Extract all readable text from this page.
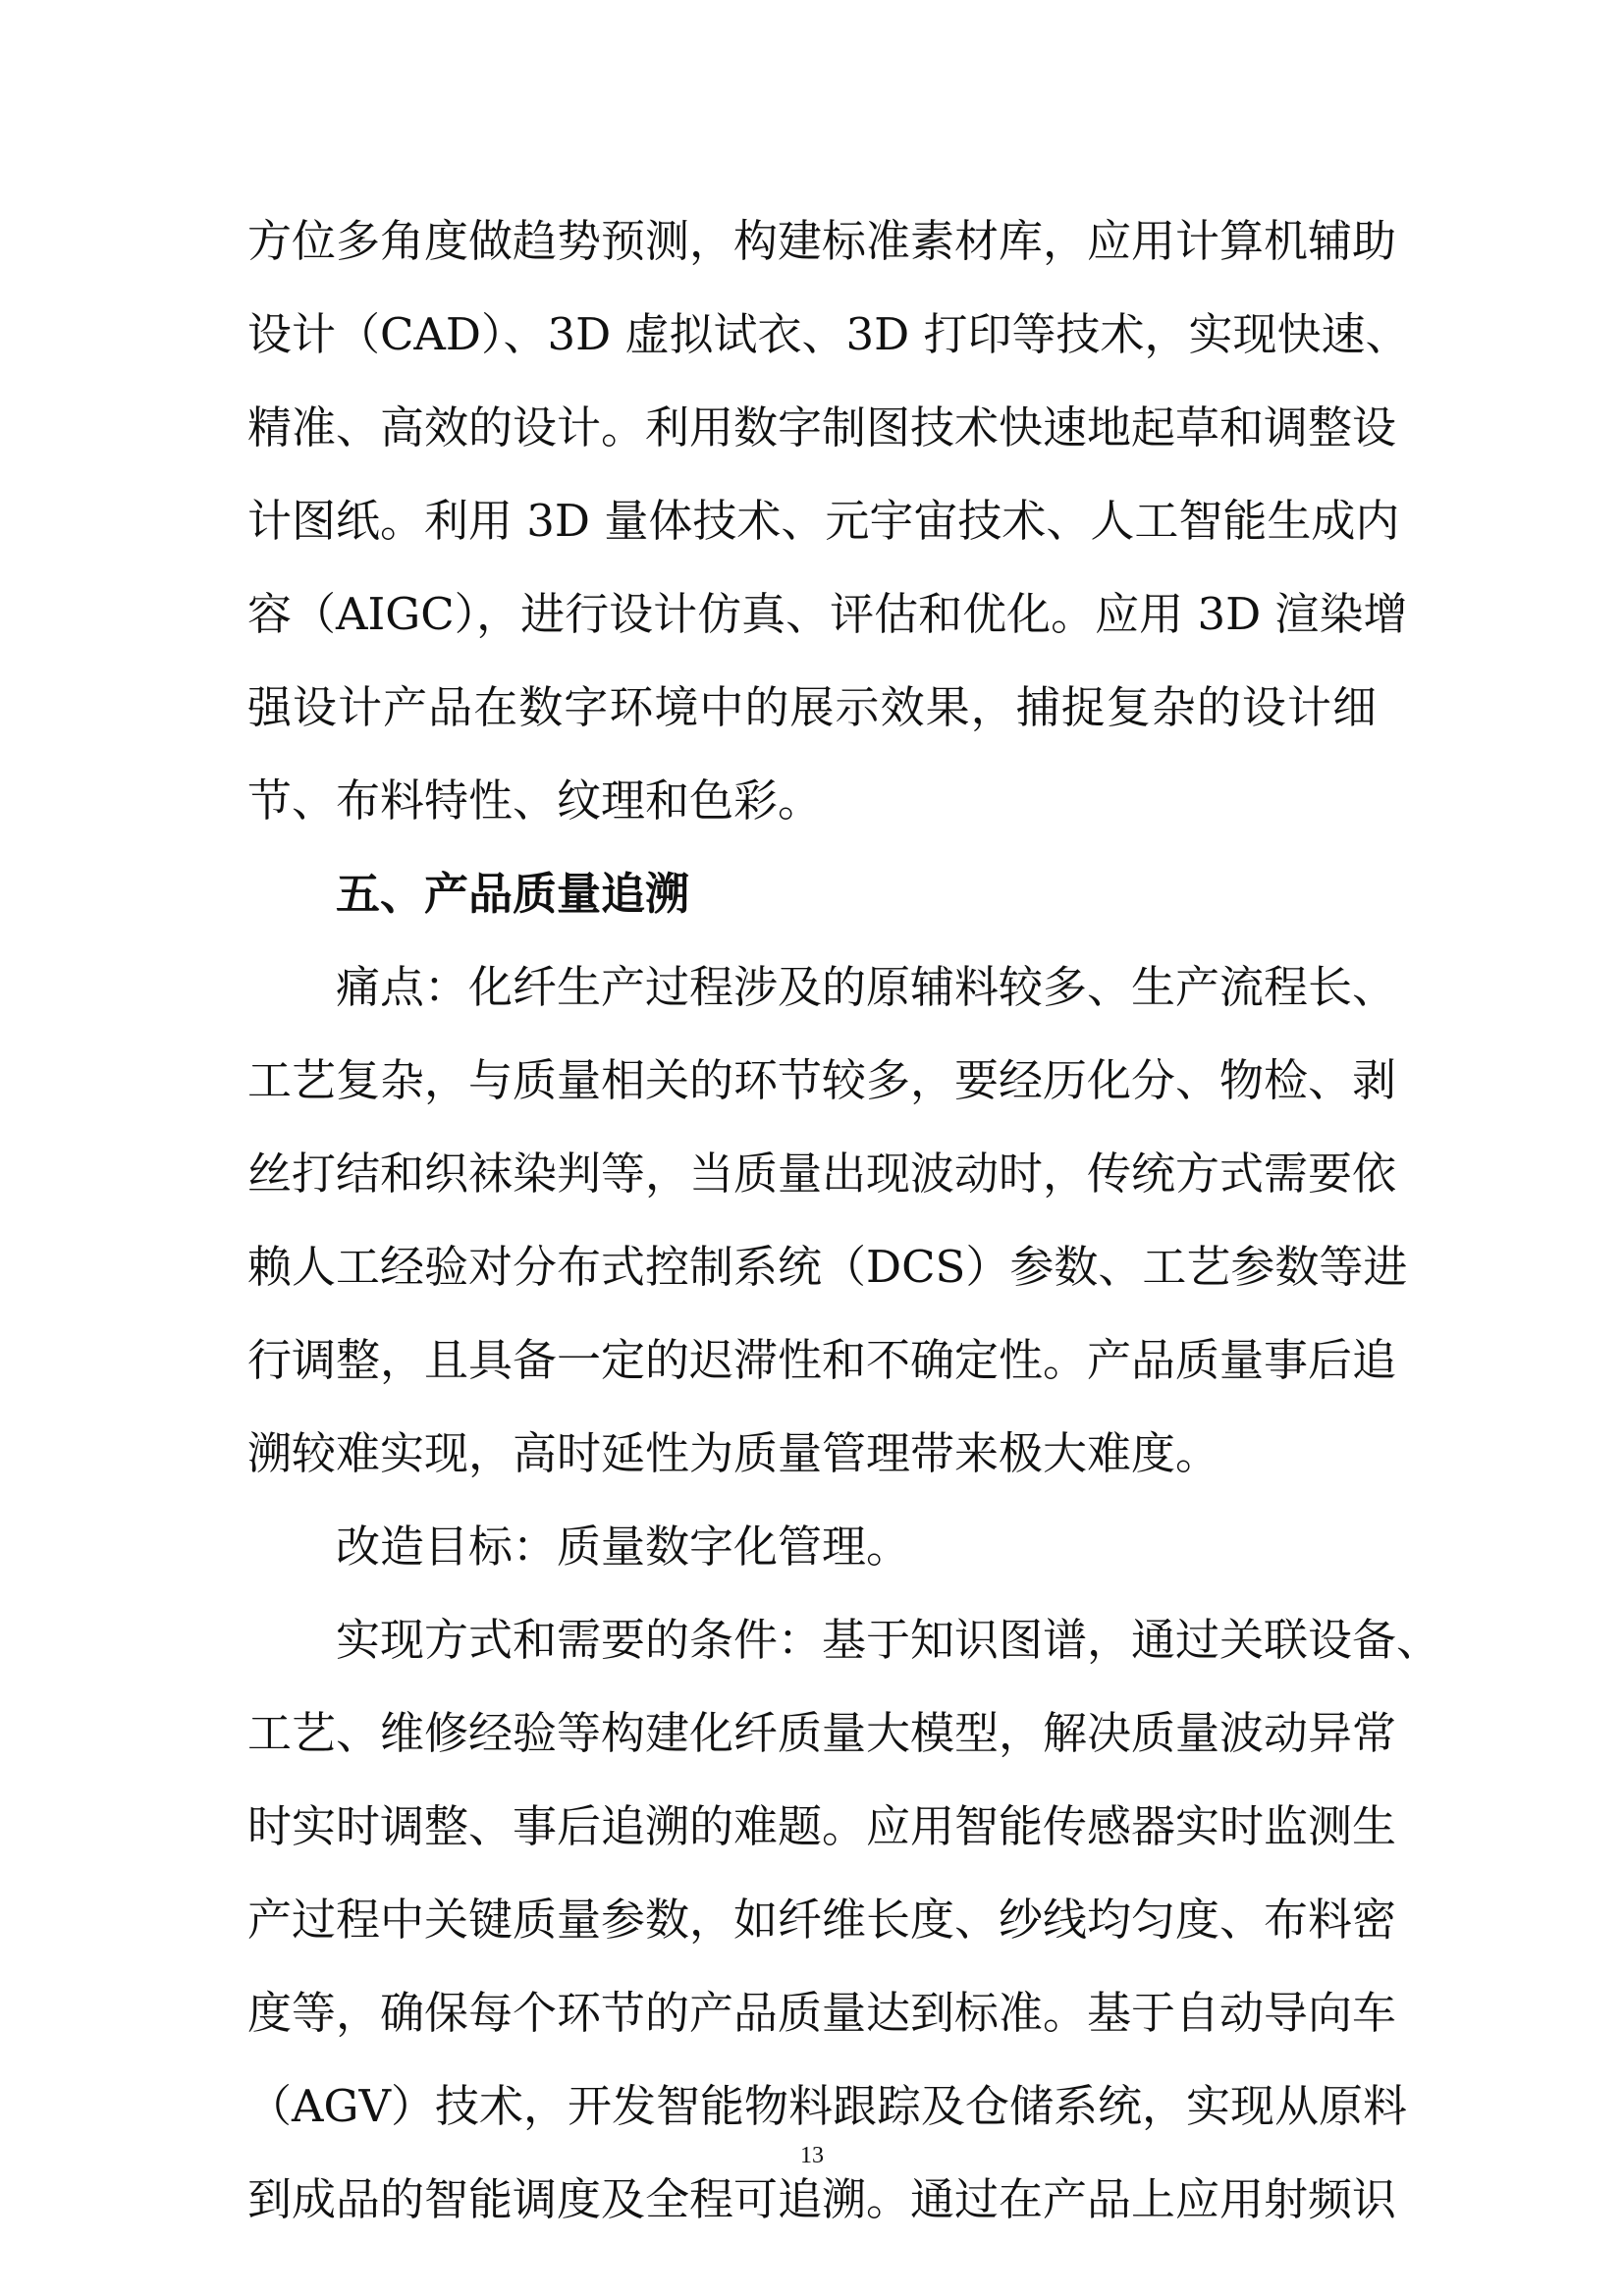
方位多角度做趋势预测，构建标准素材库，应用计算机辅助
设计（CAD）、3D 虚拟试衣、3D 打印等技术，实现快速、
精准、高效的设计。利用数字制图技术快速地起草和调整设
计图纸。利用 3D 量体技术、元宇宙技术、人工智能生成内
容（AIGC），进行设计仿真、评估和优化。应用 3D 渲染增
强设计产品在数字环境中的展示效果，捕捉复杂的设计细
节、布料特性、纹理和色彩。
五、产品质量追溯
痛点：化纤生产过程涉及的原辅料较多、生产流程长、
工艺复杂，与质量相关的环节较多，要经历化分、物检、剥
丝打结和织袜染判等，当质量出现波动时，传统方式需要依
赖人工经验对分布式控制系统（DCS）参数、工艺参数等进
行调整，且具备一定的迟滞性和不确定性。产品质量事后追
溯较难实现，高时延性为质量管理带来极大难度。
改造目标：质量数字化管理。
实现方式和需要的条件：基于知识图谱，通过关联设备、
工艺、维修经验等构建化纤质量大模型，解决质量波动异常
时实时调整、事后追溯的难题。应用智能传感器实时监测生
产过程中关键质量参数，如纤维长度、纱线均匀度、布料密
度等，确保每个环节的产品质量达到标准。基于自动导向车
（AGV）技术，开发智能物料跟踪及仓储系统，实现从原料
到成品的智能调度及全程可追溯。通过在产品上应用射频识
13
